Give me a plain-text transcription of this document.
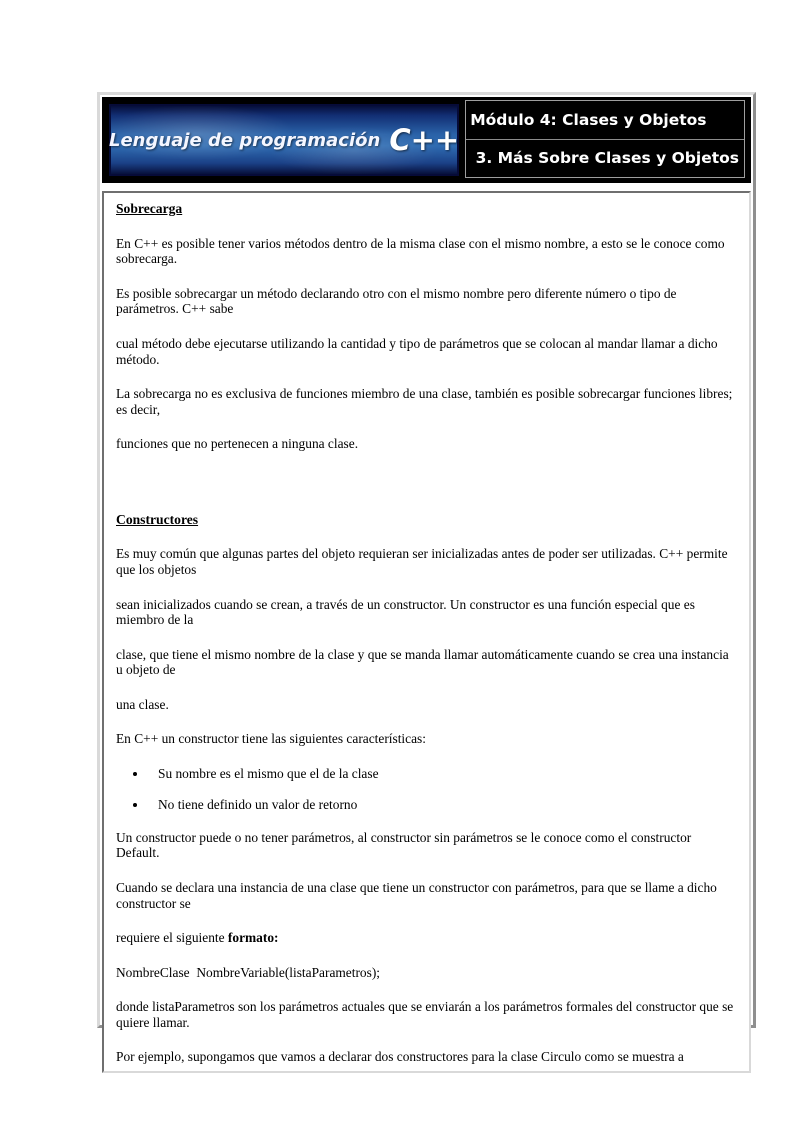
Lenguaje de programación C++
Módulo 4: Clases y Objetos
3. Más Sobre Clases y Objetos
Sobrecarga

En C++ es posible tener varios métodos dentro de la misma clase con el mismo nombre, a esto se le conoce como sobrecarga.

Es posible sobrecargar un método declarando otro con el mismo nombre pero diferente número o tipo de parámetros. C++ sabe

cual método debe ejecutarse utilizando la cantidad y tipo de parámetros que se colocan al mandar llamar a dicho método.

La sobrecarga no es exclusiva de funciones miembro de una clase, también es posible sobrecargar funciones libres; es decir,

funciones que no pertenecen a ninguna clase.

Constructores

Es muy común que algunas partes del objeto requieran ser inicializadas antes de poder ser utilizadas. C++ permite que los objetos

sean inicializados cuando se crean, a través de un constructor. Un constructor es una función especial que es miembro de la

clase, que tiene el mismo nombre de la clase y que se manda llamar automáticamente cuando se crea una instancia u objeto de

una clase.

En C++ un constructor tiene las siguientes características:

• Su nombre es el mismo que el de la clase
• No tiene definido un valor de retorno

Un constructor puede o no tener parámetros, al constructor sin parámetros se le conoce como el constructor Default.

Cuando se declara una instancia de una clase que tiene un constructor con parámetros, para que se llame a dicho constructor se

requiere el siguiente formato:

NombreClase  NombreVariable(listaParametros);

donde listaParametros son los parámetros actuales que se enviarán a los parámetros formales del constructor que se quiere llamar.

Por ejemplo, supongamos que vamos a declarar dos constructores para la clase Circulo como se muestra a
